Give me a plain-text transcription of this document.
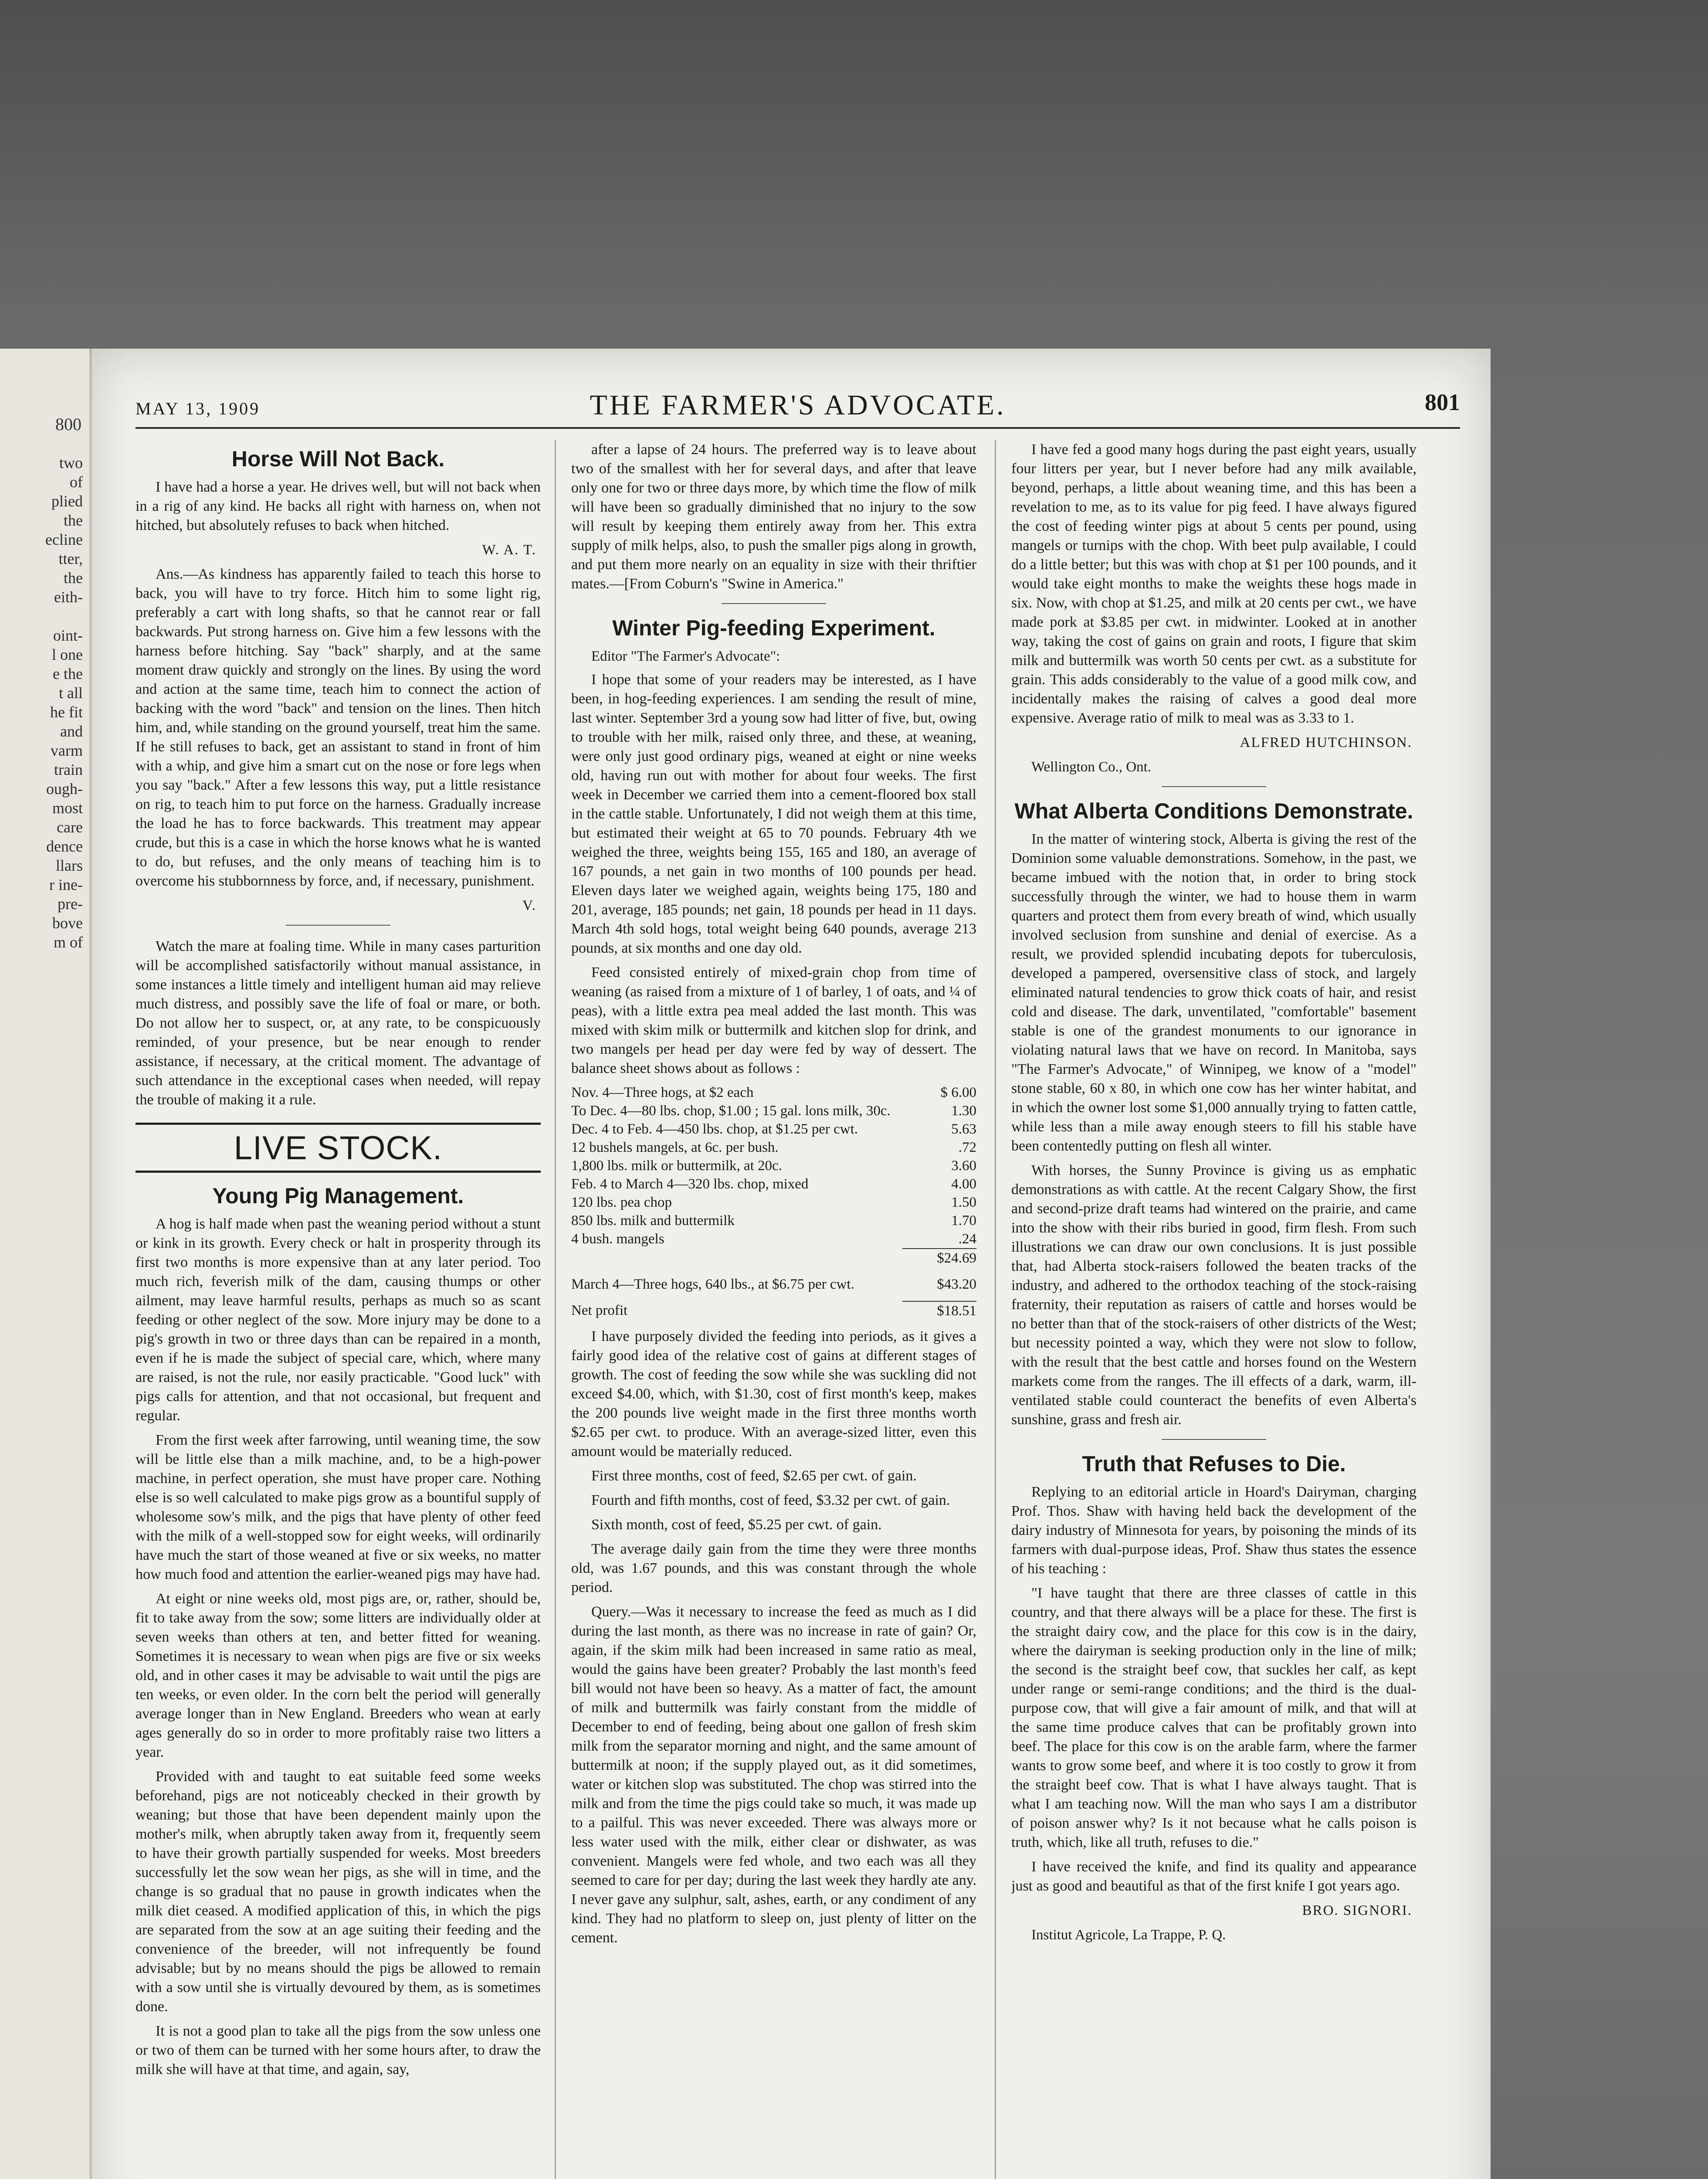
800
two
of
plied
the
ecline
tter,
the
eith-
oint-
l one
e the
t all
he fit
and
varm
train
ough-
most
care
dence
llars
r ine-
pre-
bove
m of
MAY 13, 1909	THE FARMER'S ADVOCATE.	801
Horse Will Not Back.

I have had a horse a year. He drives well, but will not back when in a rig of any kind. He backs all right with harness on, when not hitched, but absolutely refuses to back when hitched.

W. A. T.

Ans.—As kindness has apparently failed to teach this horse to back, you will have to try force. Hitch him to some light rig, preferably a cart with long shafts, so that he cannot rear or fall backwards. Put strong harness on. Give him a few lessons with the harness before hitching. Say "back" sharply, and at the same moment draw quickly and strongly on the lines. By using the word and action at the same time, teach him to connect the action of backing with the word "back" and tension on the lines. Then hitch him, and, while standing on the ground yourself, treat him the same. If he still refuses to back, get an assistant to stand in front of him with a whip, and give him a smart cut on the nose or fore legs when you say "back." After a few lessons this way, put a little resistance on rig, to teach him to put force on the harness. Gradually increase the load he has to force backwards. This treatment may appear crude, but this is a case in which the horse knows what he is wanted to do, but refuses, and the only means of teaching him is to overcome his stubbornness by force, and, if necessary, punishment.

V.

Watch the mare at foaling time. While in many cases parturition will be accomplished satisfactorily without manual assistance, in some instances a little timely and intelligent human aid may relieve much distress, and possibly save the life of foal or mare, or both. Do not allow her to suspect, or, at any rate, to be conspicuously reminded, of your presence, but be near enough to render assistance, if necessary, at the critical moment. The advantage of such attendance in the exceptional cases when needed, will repay the trouble of making it a rule.

LIVE STOCK.
Young Pig Management.

A hog is half made when past the weaning period without a stunt or kink in its growth. Every check or halt in prosperity through its first two months is more expensive than at any later period. Too much rich, feverish milk of the dam, causing thumps or other ailment, may leave harmful results, perhaps as much so as scant feeding or other neglect of the sow. More injury may be done to a pig's growth in two or three days than can be repaired in a month, even if he is made the subject of special care, which, where many are raised, is not the rule, nor easily practicable. "Good luck" with pigs calls for attention, and that not occasional, but frequent and regular.

From the first week after farrowing, until weaning time, the sow will be little else than a milk machine, and, to be a high-power machine, in perfect operation, she must have proper care. Nothing else is so well calculated to make pigs grow as a bountiful supply of wholesome sow's milk, and the pigs that have plenty of other feed with the milk of a well-stopped sow for eight weeks, will ordinarily have much the start of those weaned at five or six weeks, no matter how much food and attention the earlier-weaned pigs may have had.

At eight or nine weeks old, most pigs are, or, rather, should be, fit to take away from the sow; some litters are individually older at seven weeks than others at ten, and better fitted for weaning. Sometimes it is necessary to wean when pigs are five or six weeks old, and in other cases it may be advisable to wait until the pigs are ten weeks, or even older. In the corn belt the period will generally average longer than in New England. Breeders who wean at early ages generally do so in order to more profitably raise two litters a year.

Provided with and taught to eat suitable feed some weeks beforehand, pigs are not noticeably checked in their growth by weaning; but those that have been dependent mainly upon the mother's milk, when abruptly taken away from it, frequently seem to have their growth partially suspended for weeks. Most breeders successfully let the sow wean her pigs, as she will in time, and the change is so gradual that no pause in growth indicates when the milk diet ceased. A modified application of this, in which the pigs are separated from the sow at an age suiting their feeding and the convenience of the breeder, will not infrequently be found advisable; but by no means should the pigs be allowed to remain with a sow until she is virtually devoured by them, as is sometimes done.

It is not a good plan to take all the pigs from the sow unless one or two of them can be turned with her some hours after, to draw the milk she will have at that time, and again, say,

after a lapse of 24 hours. The preferred way is to leave about two of the smallest with her for several days, and after that leave only one for two or three days more, by which time the flow of milk will have been so gradually diminished that no injury to the sow will result by keeping them entirely away from her. This extra supply of milk helps, also, to push the smaller pigs along in growth, and put them more nearly on an equality in size with their thriftier mates.—[From Coburn's "Swine in America."

Winter Pig-feeding Experiment.

Editor "The Farmer's Advocate":

I hope that some of your readers may be interested, as I have been, in hog-feeding experiences. I am sending the result of mine, last winter. September 3rd a young sow had litter of five, but, owing to trouble with her milk, raised only three, and these, at weaning, were only just good ordinary pigs, weaned at eight or nine weeks old, having run out with mother for about four weeks. The first week in December we carried them into a cement-floored box stall in the cattle stable. Unfortunately, I did not weigh them at this time, but estimated their weight at 65 to 70 pounds. February 4th we weighed the three, weights being 155, 165 and 180, an average of 167 pounds, a net gain in two months of 100 pounds per head. Eleven days later we weighed again, weights being 175, 180 and 201, average, 185 pounds; net gain, 18 pounds per head in 11 days. March 4th sold hogs, total weight being 640 pounds, average 213 pounds, at six months and one day old.

Feed consisted entirely of mixed-grain chop from time of weaning (as raised from a mixture of 1 of barley, 1 of oats, and ¼ of peas), with a little extra pea meal added the last month. This was mixed with skim milk or buttermilk and kitchen slop for drink, and two mangels per head per day were fed by way of dessert. The balance sheet shows about as follows :

Nov. 4—Three hogs, at $2 each	$ 6.00
To Dec. 4—80 lbs. chop, $1.00 ; 15 gal. lons milk, 30c.	1.30
Dec. 4 to Feb. 4—450 lbs. chop, at $1.25 per cwt.	5.63
12 bushels mangels, at 6c. per bush.	.72
1,800 lbs. milk or buttermilk, at 20c.	3.60
Feb. 4 to March 4—320 lbs. chop, mixed	4.00
120 lbs. pea chop	1.50
850 lbs. milk and buttermilk	1.70
4 bush. mangels	.24
	$24.69

March 4—Three hogs, 640 lbs., at $6.75 per cwt.	$43.20

Net profit	$18.51

I have purposely divided the feeding into periods, as it gives a fairly good idea of the relative cost of gains at different stages of growth. The cost of feeding the sow while she was suckling did not exceed $4.00, which, with $1.30, cost of first month's keep, makes the 200 pounds live weight made in the first three months worth $2.65 per cwt. to produce. With an average-sized litter, even this amount would be materially reduced.

First three months, cost of feed, $2.65 per cwt. of gain.

Fourth and fifth months, cost of feed, $3.32 per cwt. of gain.

Sixth month, cost of feed, $5.25 per cwt. of gain.

The average daily gain from the time they were three months old, was 1.67 pounds, and this was constant through the whole period.

Query.—Was it necessary to increase the feed as much as I did during the last month, as there was no increase in rate of gain? Or, again, if the skim milk had been increased in same ratio as meal, would the gains have been greater? Probably the last month's feed bill would not have been so heavy. As a matter of fact, the amount of milk and buttermilk was fairly constant from the middle of December to end of feeding, being about one gallon of fresh skim milk from the separator morning and night, and the same amount of buttermilk at noon; if the supply played out, as it did sometimes, water or kitchen slop was substituted. The chop was stirred into the milk and from the time the pigs could take so much, it was made up to a pailful. This was never exceeded. There was always more or less water used with the milk, either clear or dishwater, as was convenient. Mangels were fed whole, and two each was all they seemed to care for per day; during the last week they hardly ate any. I never gave any sulphur, salt, ashes, earth, or any condiment of any kind. They had no platform to sleep on, just plenty of litter on the cement.

I have fed a good many hogs during the past eight years, usually four litters per year, but I never before had any milk available, beyond, perhaps, a little about weaning time, and this has been a revelation to me, as to its value for pig feed. I have always figured the cost of feeding winter pigs at about 5 cents per pound, using mangels or turnips with the chop. With beet pulp available, I could do a little better; but this was with chop at $1 per 100 pounds, and it would take eight months to make the weights these hogs made in six. Now, with chop at $1.25, and milk at 20 cents per cwt., we have made pork at $3.85 per cwt. in midwinter. Looked at in another way, taking the cost of gains on grain and roots, I figure that skim milk and buttermilk was worth 50 cents per cwt. as a substitute for grain. This adds considerably to the value of a good milk cow, and incidentally makes the raising of calves a good deal more expensive. Average ratio of milk to meal was as 3.33 to 1.

ALFRED HUTCHINSON.

Wellington Co., Ont.

What Alberta Conditions Demonstrate.

In the matter of wintering stock, Alberta is giving the rest of the Dominion some valuable demonstrations. Somehow, in the past, we became imbued with the notion that, in order to bring stock successfully through the winter, we had to house them in warm quarters and protect them from every breath of wind, which usually involved seclusion from sunshine and denial of exercise. As a result, we provided splendid incubating depots for tuberculosis, developed a pampered, oversensitive class of stock, and largely eliminated natural tendencies to grow thick coats of hair, and resist cold and disease. The dark, unventilated, "comfortable" basement stable is one of the grandest monuments to our ignorance in violating natural laws that we have on record. In Manitoba, says "The Farmer's Advocate," of Winnipeg, we know of a "model" stone stable, 60 x 80, in which one cow has her winter habitat, and in which the owner lost some $1,000 annually trying to fatten cattle, while less than a mile away enough steers to fill his stable have been contentedly putting on flesh all winter.

With horses, the Sunny Province is giving us as emphatic demonstrations as with cattle. At the recent Calgary Show, the first and second-prize draft teams had wintered on the prairie, and came into the show with their ribs buried in good, firm flesh. From such illustrations we can draw our own conclusions. It is just possible that, had Alberta stock-raisers followed the beaten tracks of the industry, and adhered to the orthodox teaching of the stock-raising fraternity, their reputation as raisers of cattle and horses would be no better than that of the stock-raisers of other districts of the West; but necessity pointed a way, which they were not slow to follow, with the result that the best cattle and horses found on the Western markets come from the ranges. The ill effects of a dark, warm, ill-ventilated stable could counteract the benefits of even Alberta's sunshine, grass and fresh air.

Truth that Refuses to Die.

Replying to an editorial article in Hoard's Dairyman, charging Prof. Thos. Shaw with having held back the development of the dairy industry of Minnesota for years, by poisoning the minds of its farmers with dual-purpose ideas, Prof. Shaw thus states the essence of his teaching :

"I have taught that there are three classes of cattle in this country, and that there always will be a place for these. The first is the straight dairy cow, and the place for this cow is in the dairy, where the dairyman is seeking production only in the line of milk; the second is the straight beef cow, that suckles her calf, as kept under range or semi-range conditions; and the third is the dual-purpose cow, that will give a fair amount of milk, and that will at the same time produce calves that can be profitably grown into beef. The place for this cow is on the arable farm, where the farmer wants to grow some beef, and where it is too costly to grow it from the straight beef cow. That is what I have always taught. That is what I am teaching now. Will the man who says I am a distributor of poison answer why? Is it not because what he calls poison is truth, which, like all truth, refuses to die."

I have received the knife, and find its quality and appearance just as good and beautiful as that of the first knife I got years ago.

BRO. SIGNORI.

Institut Agricole, La Trappe, P. Q.
